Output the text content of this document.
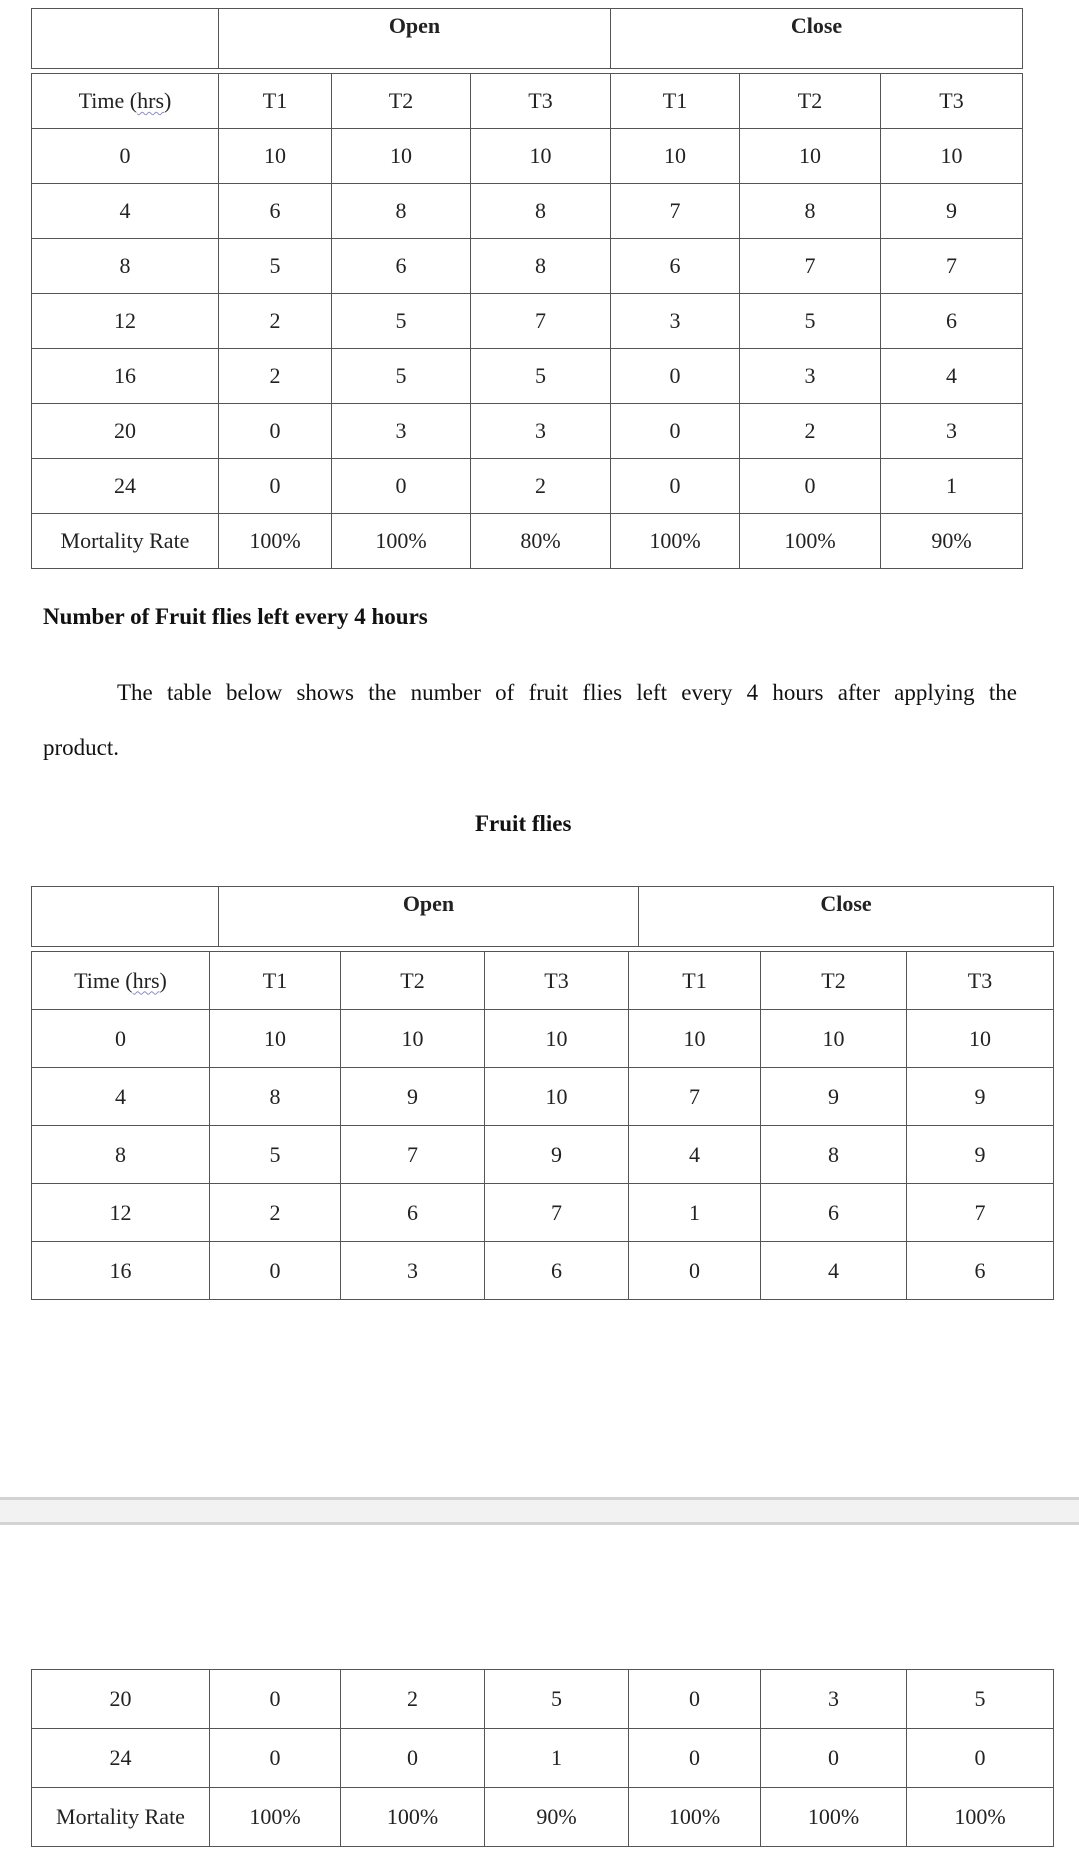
	Open	Close
Time (hrs)	T1	T2	T3	T1	T2	T3
0	10	10	10	10	10	10
4	6	8	8	7	8	9
8	5	6	8	6	7	7
12	2	5	7	3	5	6
16	2	5	5	0	3	4
20	0	3	3	0	2	3
24	0	0	2	0	0	1
Mortality Rate	100%	100%	80%	100%	100%	90%
Number of Fruit flies left every 4 hours
The table below shows the number of fruit flies left every 4 hours after applying the
product.
Fruit flies
	Open	Close
Time (hrs)	T1	T2	T3	T1	T2	T3
0	10	10	10	10	10	10
4	8	9	10	7	9	9
8	5	7	9	4	8	9
12	2	6	7	1	6	7
16	0	3	6	0	4	6
20	0	2	5	0	3	5
24	0	0	1	0	0	0
Mortality Rate	100%	100%	90%	100%	100%	100%
